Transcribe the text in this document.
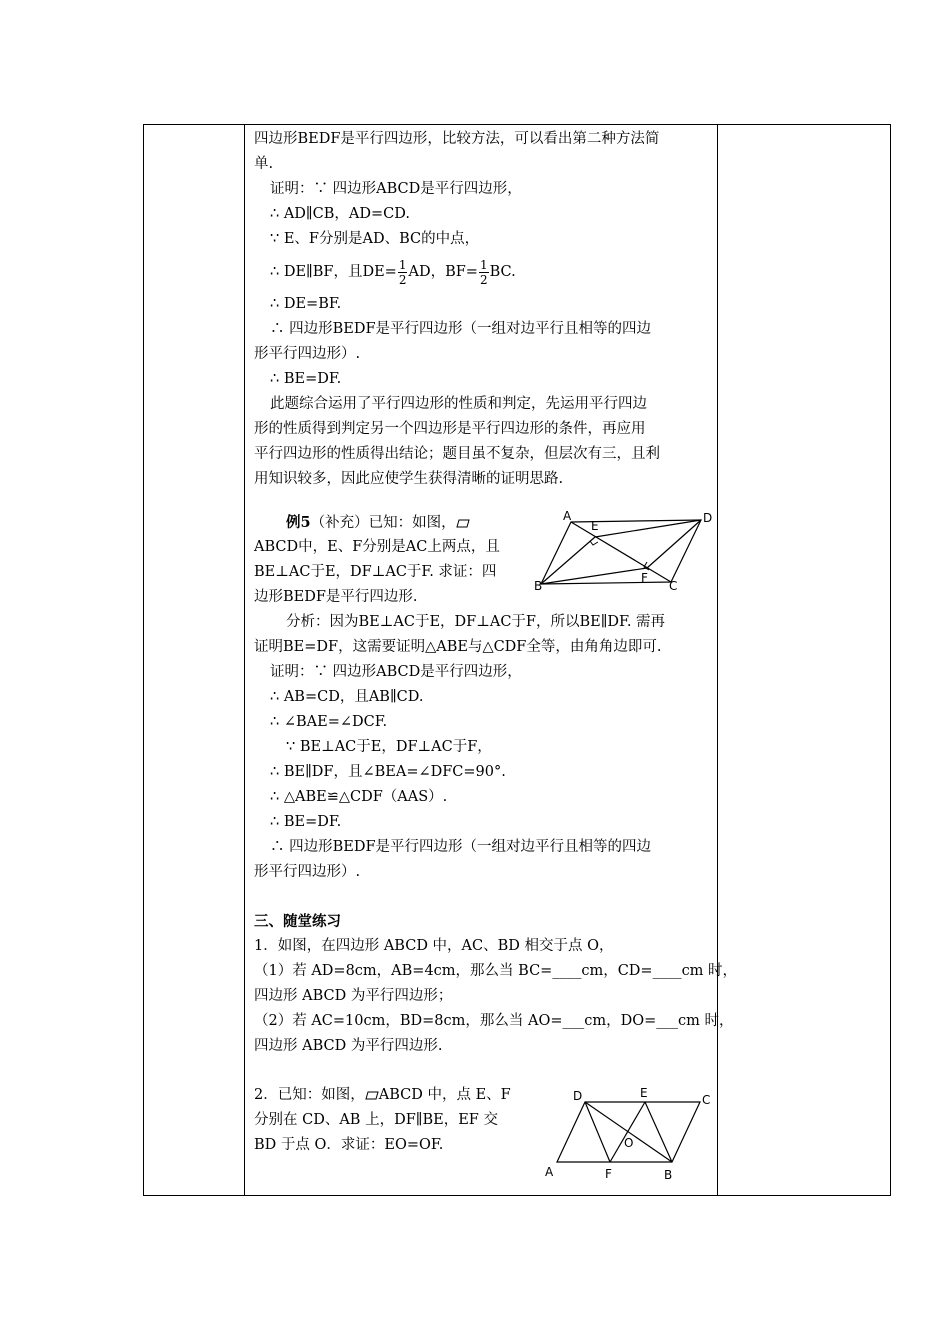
四边形BEDF是平行四边形，比较方法，可以看出第二种方法简
单.
证明：∵ 四边形ABCD是平行四边形，
∴ AD∥CB，AD=CD.
∵ E、F分别是AD、BC的中点，
∴ DE∥BF，且$DE= \frac{1}{2}$ AD，$BF= \frac{1}{2}$ BC.
∴ DE=BF.
∴ 四边形BEDF是平行四边形（一组对边平行且相等的四边
形平行四边形）.
∴ BE=DF.
此题综合运用了平行四边形的性质和判定，先运用平行四边
形的性质得到判定另一个四边形是平行四边形的条件，再应用
平行四边形的性质得出结论；题目虽不复杂，但层次有三，且利
用知识较多，因此应使学生获得清晰的证明思路.
例5（补充）已知：如图，
ABCD中，E、F分别是AC上两点，且
BE⊥AC于E，DF⊥AC于F. 求证：四
边形BEDF是平行四边形.
分析：因为BE⊥AC于E，DF⊥AC于F，所以BE∥DF. 需再
证明BE=DF，这需要证明△ABE与△CDF全等，由角角边即可.
证明：∵ 四边形ABCD是平行四边形，
∴ AB=CD，且AB∥CD.
∴ ∠BAE=∠DCF.
∵ BE⊥AC于E，DF⊥AC于F，
∴ BE∥DF，且∠BEA=∠DFC=90°.
∴ △ABE≌△CDF（AAS）.
∴ BE=DF.
∴ 四边形BEDF是平行四边形（一组对边平行且相等的四边
形平行四边形）.
三、随堂练习
1．如图，在四边形 ABCD 中，AC、BD 相交于点 O，
（1）若 AD=8cm，AB=4cm，那么当 BC=____cm，CD=____cm 时，
四边形 ABCD 为平行四边形；
（2）若 AC=10cm，BD=8cm，那么当 AO=___cm，DO=___cm 时，
四边形 ABCD 为平行四边形.
2．已知：如图， ABCD 中，点 E、F
分别在 CD、AB 上，DF∥BE，EF 交
BD 于点 O．求证：EO=OF.
A	D
B	C
E
F
D	E	C
O
A	F	B
